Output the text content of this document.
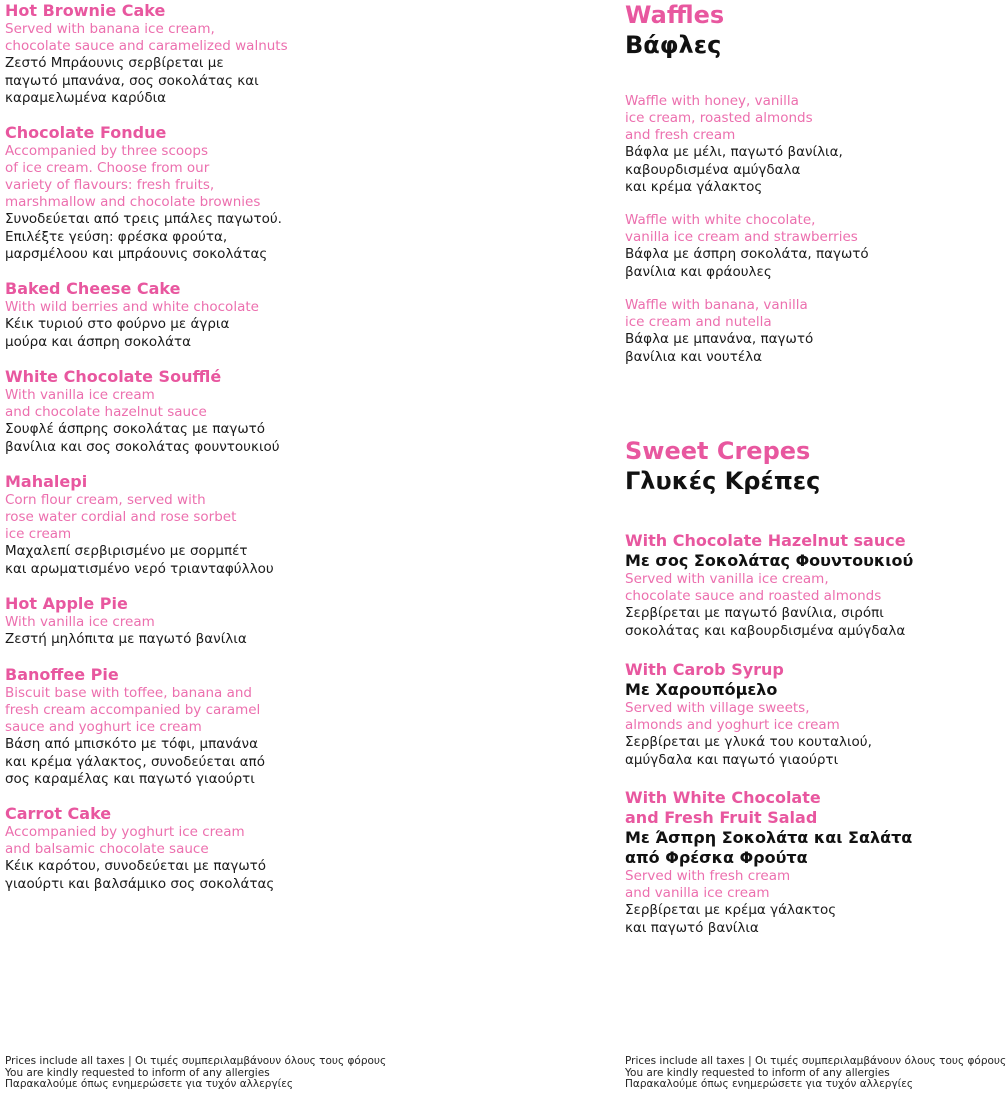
Hot Brownie Cake
Served with banana ice cream,
chocolate sauce and caramelized walnuts
Ζεστό Μπράουνις σερβίρεται με
παγωτό μπανάνα, σος σοκολάτας και
καραμελωμένα καρύδια
Chocolate Fondue
Accompanied by three scoops
of ice cream. Choose from our
variety of flavours: fresh fruits,
marshmallow and chocolate brownies
Συνοδεύεται από τρεις μπάλες παγωτού.
Επιλέξτε γεύση: φρέσκα φρούτα,
μαρσμέλοου και μπράουνις σοκολάτας
Baked Cheese Cake
With wild berries and white chocolate
Κέικ τυριού στο φούρνο με άγρια
μούρα και άσπρη σοκολάτα
White Chocolate Soufflé
With vanilla ice cream
and chocolate hazelnut sauce
Σουφλέ άσπρης σοκολάτας με παγωτό
βανίλια και σος σοκολάτας φουντουκιού
Mahalepi
Corn flour cream, served with
rose water cordial and rose sorbet
ice cream
Μαχαλεπί σερβιρισμένο με σορμπέτ
και αρωματισμένο νερό τριανταφύλλου
Hot Apple Pie
With vanilla ice cream
Ζεστή μηλόπιτα με παγωτό βανίλια
Banoffee Pie
Biscuit base with toffee, banana and
fresh cream accompanied by caramel
sauce and yoghurt ice cream
Βάση από μπισκότο με τόφι, μπανάνα
και κρέμα γάλακτος, συνοδεύεται από
σος καραμέλας και παγωτό γιαούρτι
Carrot Cake
Accompanied by yoghurt ice cream
and balsamic chocolate sauce
Κέικ καρότου, συνοδεύεται με παγωτό
γιαούρτι και βαλσάμικο σος σοκολάτας
Waffles
Βάφλες
Waffle with honey, vanilla
ice cream, roasted almonds
and fresh cream
Βάφλα με μέλι, παγωτό βανίλια,
καβουρδισμένα αμύγδαλα
και κρέμα γάλακτος
Waffle with white chocolate,
vanilla ice cream and strawberries
Βάφλα με άσπρη σοκολάτα, παγωτό
βανίλια και φράουλες
Waffle with banana, vanilla
ice cream and nutella
Βάφλα με μπανάνα, παγωτό
βανίλια και νουτέλα
Sweet Crepes
Γλυκές Κρέπες
With Chocolate Hazelnut sauce
Με σος Σοκολάτας Φουντουκιού
Served with vanilla ice cream,
chocolate sauce and roasted almonds
Σερβίρεται με παγωτό βανίλια, σιρόπι
σοκολάτας και καβουρδισμένα αμύγδαλα
With Carob Syrup
Με Χαρουπόμελο
Served with village sweets,
almonds and yoghurt ice cream
Σερβίρεται με γλυκά του κουταλιού,
αμύγδαλα και παγωτό γιαούρτι
With White Chocolate
and Fresh Fruit Salad
Με Άσπρη Σοκολάτα και Σαλάτα
από Φρέσκα Φρούτα
Served with fresh cream
and vanilla ice cream
Σερβίρεται με κρέμα γάλακτος
και παγωτό βανίλια
Prices include all taxes | Οι τιμές συμπεριλαμβάνουν όλους τους φόρους
You are kindly requested to inform of any allergies
Παρακαλούμε όπως ενημερώσετε για τυχόν αλλεργίες
Prices include all taxes | Οι τιμές συμπεριλαμβάνουν όλους τους φόρους
You are kindly requested to inform of any allergies
Παρακαλούμε όπως ενημερώσετε για τυχόν αλλεργίες
